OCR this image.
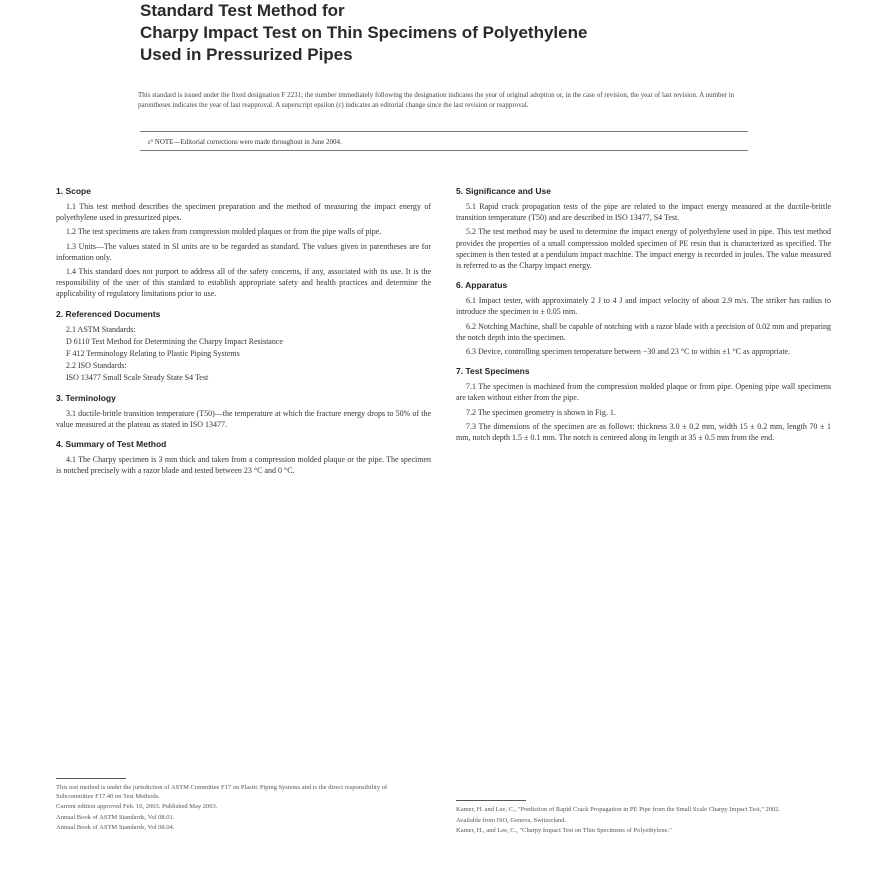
Standard Test Method for
Charpy Impact Test on Thin Specimens of Polyethylene
Used in Pressurized Pipes
This standard is issued under the fixed designation F 2231; the number immediately following the designation indicates the year of original adoption or, in the case of revision, the year of last revision. A number in parentheses indicates the year of last reapproval. A superscript epsilon (ε) indicates an editorial change since the last revision or reapproval.
ε¹ NOTE—Editorial corrections were made throughout in June 2004.
1. Scope
1.1 This test method describes the specimen preparation and the method of measuring the impact energy of polyethylene used in pressurized pipes.
1.2 The test specimens are taken from compression molded plaques or from the pipe walls of pipe.
1.3 Units—The values stated in SI units are to be regarded as standard. The values given in parentheses are for information only.
1.4 This standard does not purport to address all of the safety concerns, if any, associated with its use. It is the responsibility of the user of this standard to establish appropriate safety and health practices and determine the applicability of regulatory limitations prior to use.
2. Referenced Documents
2.1 ASTM Standards:
D 6110 Test Method for Determining the Charpy Impact Resistance
F 412 Terminology Relating to Plastic Piping Systems
2.2 ISO Standards:
ISO 13477 Small Scale Steady State S4 Test
3. Terminology
3.1 ductile-brittle transition temperature (T50)—the temperature at which the fracture energy drops to 50% of the value measured at the plateau as stated in ISO 13477.
4. Summary of Test Method
4.1 The Charpy specimen is 3 mm thick and taken from a compression molded plaque or the pipe. The specimen is notched precisely with a razor blade and tested between 23 °C and 0 °C.
5. Significance and Use
5.1 Rapid crack propagation tests of the pipe are related to the impact energy measured at the ductile-brittle transition temperature (T50) and are described in ISO 13477, S4 Test.
5.2 The test method may be used to determine the impact energy of polyethylene used in pipe. This test method provides the properties of a small compression molded specimen of PE resin that is characterized as specified. The specimen is then tested at a pendulum impact machine. The impact energy is recorded in joules. The value measured is referred to as the Charpy impact energy.
6. Apparatus
6.1 Impact tester, with approximately 2 J to 4 J and impact velocity of about 2.9 m/s. The striker has radius to introduce the specimen to ± 0.05 mm.
6.2 Notching Machine, shall be capable of notching with a razor blade with a precision of 0.02 mm and preparing the notch depth into the specimen.
6.3 Device, controlling specimen temperature between −30 and 23 °C to within ±1 °C as appropriate.
7. Test Specimens
7.1 The specimen is machined from the compression molded plaque or from pipe. Opening pipe wall specimens are taken without either from the pipe.
7.2 The specimen geometry is shown in Fig. 1.
7.3 The dimensions of the specimen are as follows: thickness 3.0 ± 0.2 mm, width 15 ± 0.2 mm, length 70 ± 1 mm, notch depth 1.5 ± 0.1 mm. The notch is centered along its length at 35 ± 0.5 mm from the end.
This test method is under the jurisdiction of ASTM Committee F17 on Plastic Piping Systems and is the direct responsibility of Subcommittee F17.40 on Test Methods.
Current edition approved Feb. 10, 2003. Published May 2003.
Annual Book of ASTM Standards, Vol 08.01.
Annual Book of ASTM Standards, Vol 08.04.
Kamer, H. and Lee, C., "Prediction of Rapid Crack Propagation in PE Pipe from the Small Scale Charpy Impact Test," 2002.
Available from ISO, Geneva, Switzerland.
Kamer, H., and Lee, C., "Charpy Impact Test on Thin Specimens of Polyethylene."
